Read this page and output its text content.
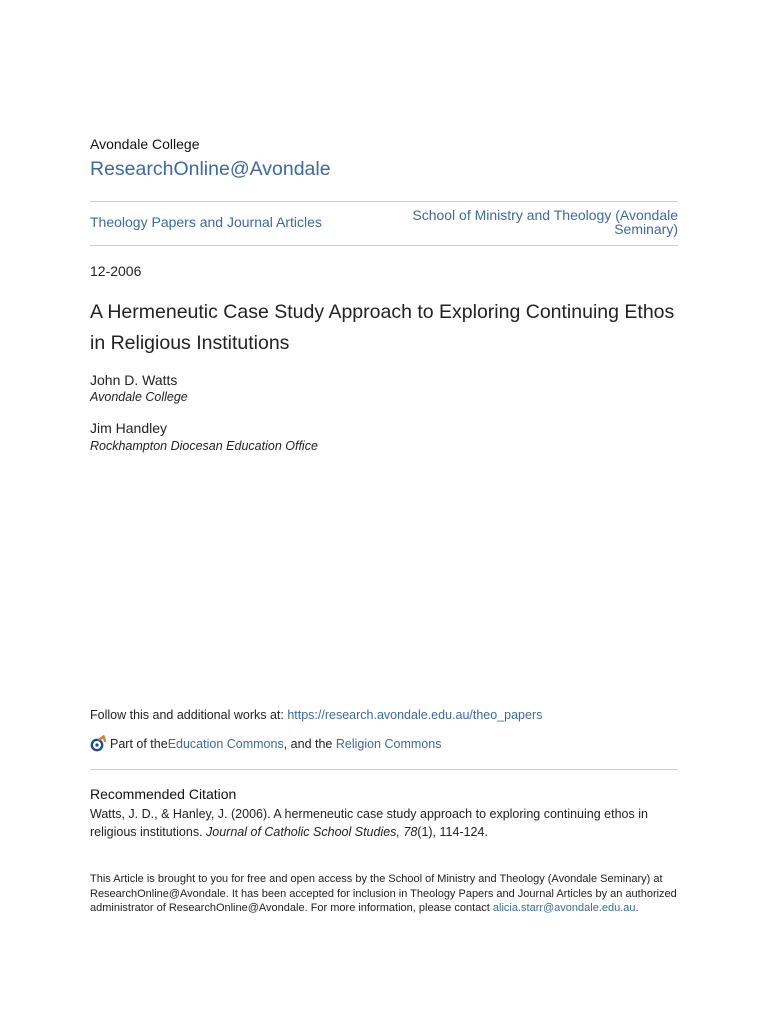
Avondale College
ResearchOnline@Avondale
Theology Papers and Journal Articles	School of Ministry and Theology (Avondale
Seminary)
12-2006
A Hermeneutic Case Study Approach to Exploring Continuing Ethos in Religious Institutions
John D. Watts
Avondale College
Jim Handley
Rockhampton Diocesan Education Office
Follow this and additional works at: https://research.avondale.edu.au/theo_papers
Part of the Education Commons , and the Religion Commons
Recommended Citation
Watts, J. D., & Hanley, J. (2006). A hermeneutic case study approach to exploring continuing ethos in religious institutions. Journal of Catholic School Studies, 78(1), 114-124.
This Article is brought to you for free and open access by the School of Ministry and Theology (Avondale Seminary) at ResearchOnline@Avondale. It has been accepted for inclusion in Theology Papers and Journal Articles by an authorized administrator of ResearchOnline@Avondale. For more information, please contact alicia.starr@avondale.edu.au.
